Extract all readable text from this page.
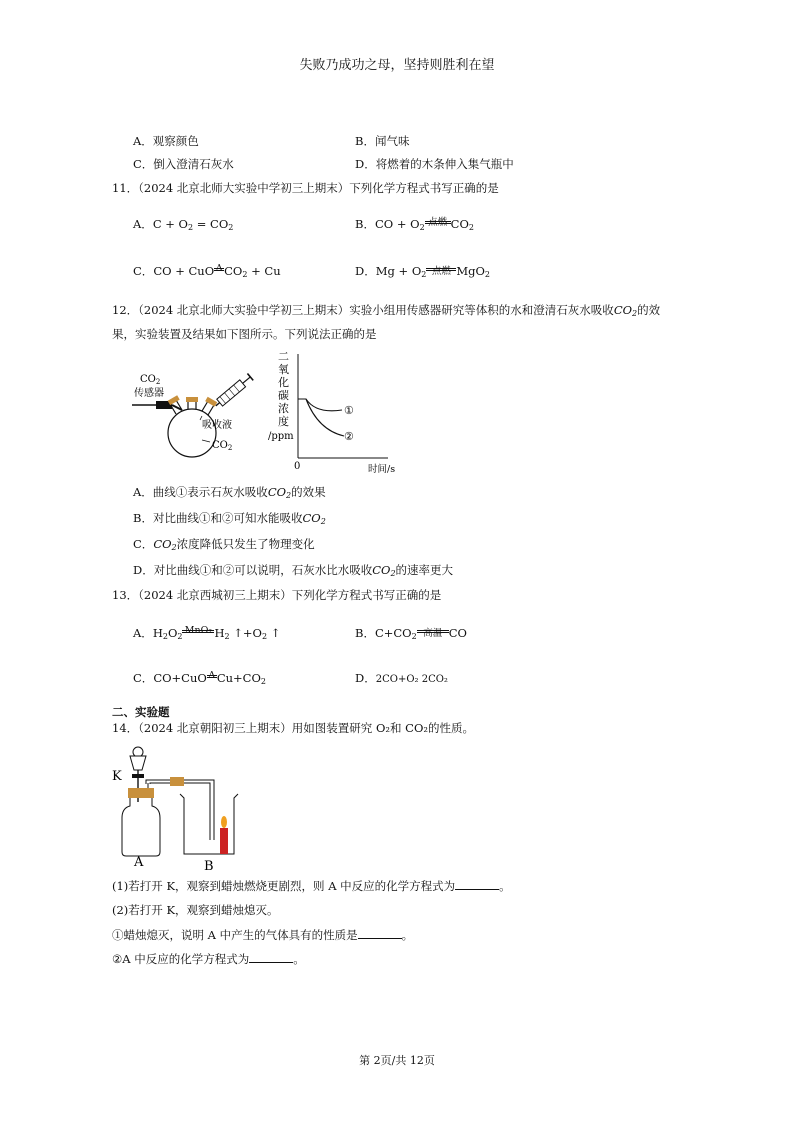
失败乃成功之母，坚持则胜利在望
A．观察颜色	B．闻气味
C．倒入澄清石灰水	D．将燃着的木条伸入集气瓶中
11．（2024 北京北师大实验中学初三上期末）下列化学方程式书写正确的是
A．$C + O_2 = CO_2$	B．CO + $O_2$ 点燃 $CO_2$
C．CO + CuO Δ $CO_2 + Cu$	D．$Mg + O_2$ 点燃 MgO$_2$
12．（2024 北京北师大实验中学初三上期末）实验小组用传感器研究等体积的水和澄清石灰水吸收$CO_2$的效
果，实验装置及结果如下图所示。下列说法正确的是
$CO_2$
传感器
吸收液
$CO_2$
二
氧
化
碳
浓
度
/ppm
0	时间/s
①
②
A．曲线①表示石灰水吸收$CO_2$的效果
B．对比曲线①和②可知水能吸收$CO_2$
C．$CO_2$浓度降低只发生了物理变化
D．对比曲线①和②可以说明，石灰水比水吸收$CO_2$的速率更大
13．（2024 北京西城初三上期末）下列化学方程式书写正确的是
A．$H_2O_2$
MnO₂ $H_2$ $↑+O_2$ ↑	B．$C+CO_2$ 高温 CO
C．CO+CuO Δ $Cu+CO_2$	D．2CO+O₂ 2CO₂
二、实验题
14．（2024 北京朝阳初三上期末）用如图装置研究 O₂和 CO₂的性质。
K
A	B
(1)若打开 K，观察到蜡烛燃烧更剧烈，则 A 中反应的化学方程式为	。
(2)若打开 K，观察到蜡烛熄灭。
①蜡烛熄灭，说明 A 中产生的气体具有的性质是	。
②A 中反应的化学方程式为	。
第 2页/共 12页
